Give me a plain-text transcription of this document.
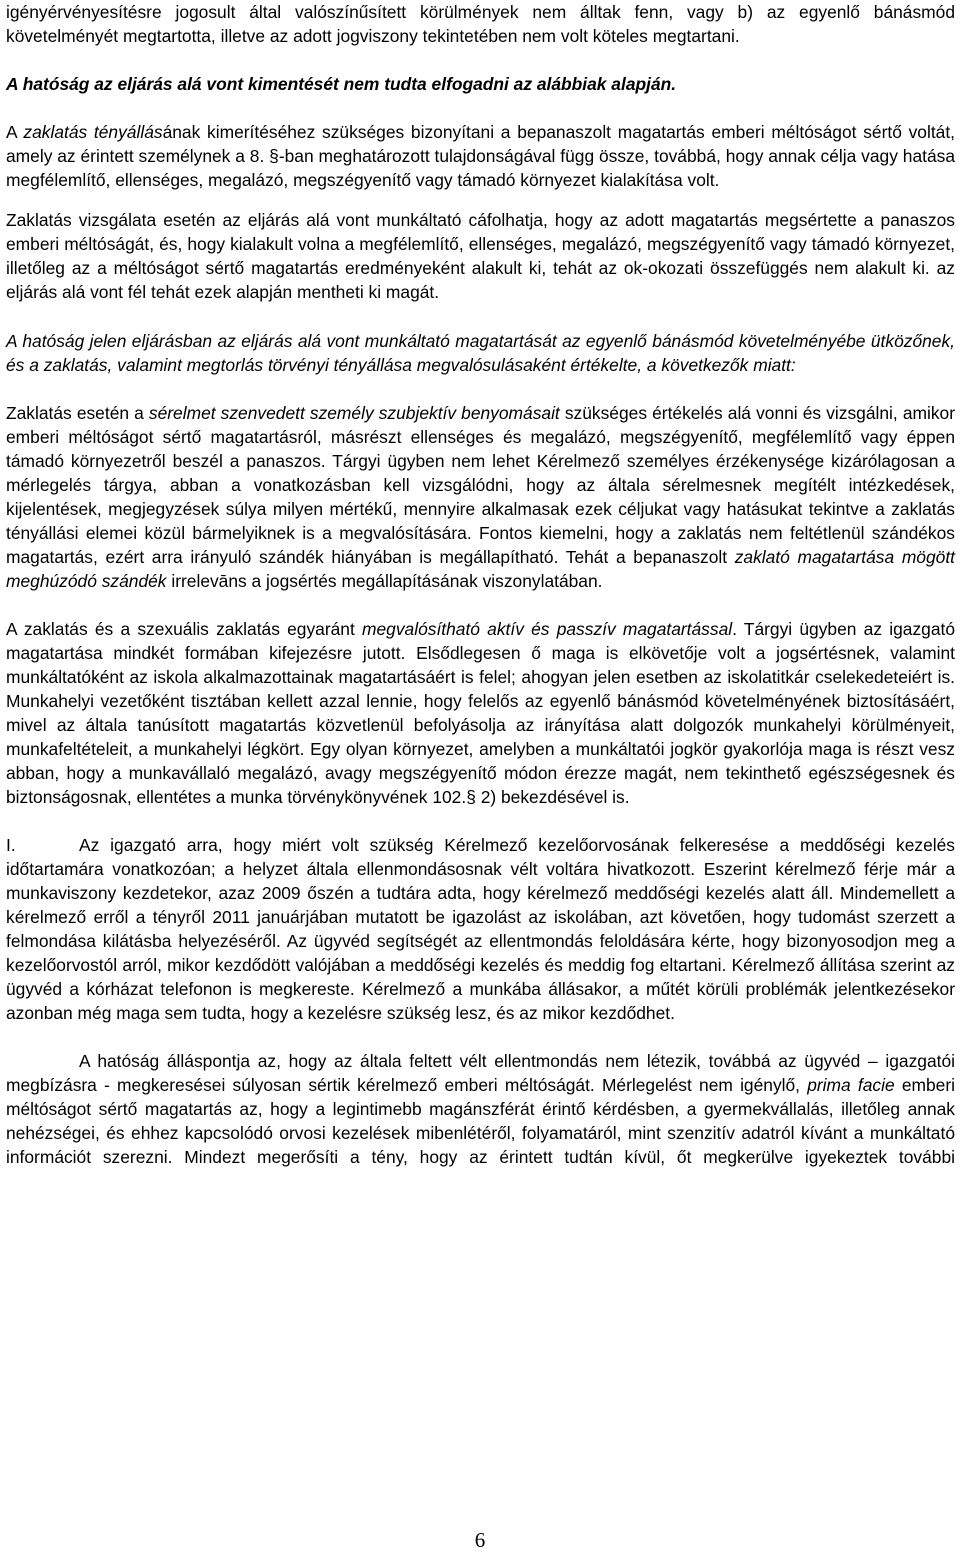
igényérvényesítésre jogosult által valószínűsített körülmények nem álltak fenn, vagy b) az egyenlő bánásmód követelményét megtartotta, illetve az adott jogviszony tekintetében nem volt köteles megtartani.

A hatóság az eljárás alá vont kimentését nem tudta elfogadni az alábbiak alapján.

A zaklatás tényállásának kimerítéséhez szükséges bizonyítani a bepanaszolt magatartás emberi méltóságot sértő voltát, amely az érintett személynek a 8. §-ban meghatározott tulajdonságával függ össze, továbbá, hogy annak célja vagy hatása megfélemlítő, ellenséges, megalázó, megszégyenítő vagy támadó környezet kialakítása volt.

Zaklatás vizsgálata esetén az eljárás alá vont munkáltató cáfolhatja, hogy az adott magatartás megsértette a panaszos emberi méltóságát, és, hogy kialakult volna a megfélemlítő, ellenséges, megalázó, megszégyenítő vagy támadó környezet, illetőleg az a méltóságot sértő magatartás eredményeként alakult ki, tehát az ok-okozati összefüggés nem alakult ki. az eljárás alá vont fél tehát ezek alapján mentheti ki magát.

A hatóság jelen eljárásban az eljárás alá vont munkáltató magatartását az egyenlő bánásmód követelményébe ütközőnek, és a zaklatás, valamint megtorlás törvényi tényállása megvalósulásaként értékelte, a következők miatt:

Zaklatás esetén a sérelmet szenvedett személy szubjektív benyomásait szükséges értékelés alá vonni és vizsgálni, amikor emberi méltóságot sértő magatartásról, másrészt ellenséges és megalázó, megszégyenítő, megfélemlítő vagy éppen támadó környezetről beszél a panaszos. Tárgyi ügyben nem lehet Kérelmező személyes érzékenysége kizárólagosan a mérlegelés tárgya, abban a vonatkozásban kell vizsgálódni, hogy az általa sérelmesnek megítélt intézkedések, kijelentések, megjegyzések súlya milyen mértékű, mennyire alkalmasak ezek céljukat vagy hatásukat tekintve a zaklatás tényállási elemei közül bármelyiknek is a megvalósítására. Fontos kiemelni, hogy a zaklatás nem feltétlenül szándékos magatartás, ezért arra irányuló szándék hiányában is megállapítható. Tehát a bepanaszolt zaklató magatartása mögött meghúzódó szándék irrelevāns a jogsértés megállapításának viszonylatában.

A zaklatás és a szexuális zaklatás egyaránt megvalósítható aktív és passzív magatartással. Tárgyi ügyben az igazgató magatartása mindkét formában kifejezésre jutott. Elsődlegesen ő maga is elkövetője volt a jogsértésnek, valamint munkáltatóként az iskola alkalmazottainak magatartásáért is felel; ahogyan jelen esetben az iskolatitkár cselekedeteiért is. Munkahelyi vezetőként tisztában kellett azzal lennie, hogy felelős az egyenlő bánásmód követelményének biztosításáért, mivel az általa tanúsított magatartás közvetlenül befolyásolja az irányítása alatt dolgozók munkahelyi körülményeit, munkafeltételeit, a munkahelyi légkört. Egy olyan környezet, amelyben a munkáltatói jogkör gyakorlója maga is részt vesz abban, hogy a munkavállaló megalázó, avagy megszégyenítő módon érezze magát, nem tekinthető egészségesnek és biztonságosnak, ellentétes a munka törvénykönyvének 102.§ 2) bekezdésével is.

I.	Az igazgató arra, hogy miért volt szükség Kérelmező kezelőorvosának felkeresése a meddőségi kezelés időtartamára vonatkozóan; a helyzet általa ellenmondásosnak vélt voltára hivatkozott. Eszerint kérelmező férje már a munkaviszony kezdetekor, azaz 2009 őszén a tudtára adta, hogy kérelmező meddőségi kezelés alatt áll. Mindemellett a kérelmező erről a tényről 2011 januárjában mutatott be igazolást az iskolában, azt követően, hogy tudomást szerzett a felmondása kilátásba helyezéséről. Az ügyvéd segítségét az ellentmondás feloldására kérte, hogy bizonyosodjon meg a kezelőorvostól arról, mikor kezdődött valójában a meddőségi kezelés és meddig fog eltartani. Kérelmező állítása szerint az ügyvéd a kórházat telefonon is megkereste. Kérelmező a munkába állásakor, a műtét körüli problémák jelentkezésekor azonban még maga sem tudta, hogy a kezelésre szükség lesz, és az mikor kezdődhet.

A hatóság álláspontja az, hogy az általa feltett vélt ellentmondás nem létezik, továbbá az ügyvéd – igazgatói megbízásra - megkeresései súlyosan sértik kérelmező emberi méltóságát. Mérlegelést nem igénylő, prima facie emberi méltóságot sértő magatartás az, hogy a legintimebb magánszférát érintő kérdésben, a gyermekvállalás, illetőleg annak nehézségei, és ehhez kapcsolódó orvosi kezelések mibenlétéről, folyamatáról, mint szenzitív adatról kívánt a munkáltató információt szerezni. Mindezt megerősíti a tény, hogy az érintett tudtán kívül, őt megkerülve igyekeztek további

6
